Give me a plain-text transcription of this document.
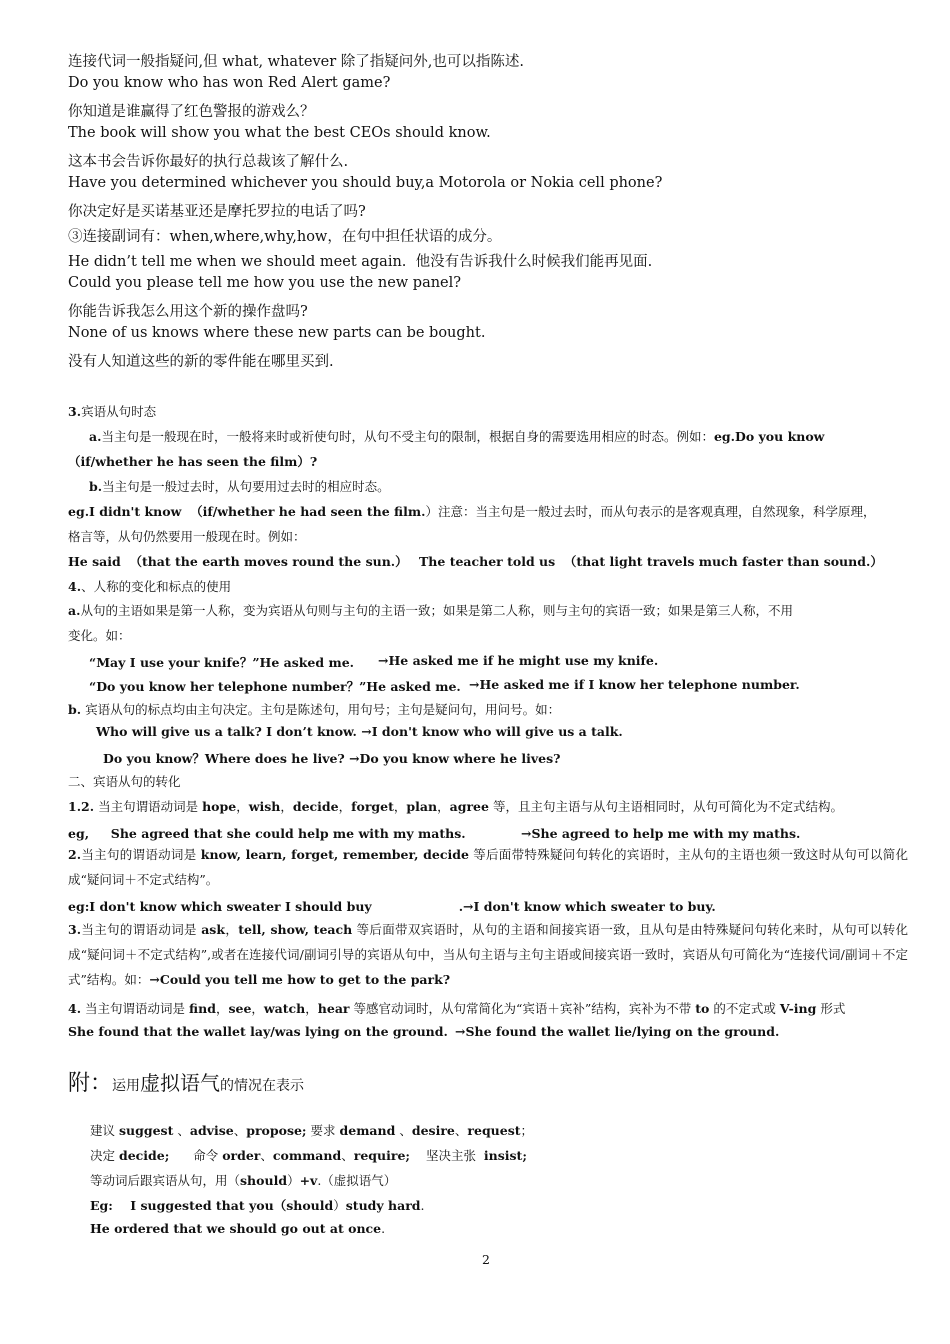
连接代词一般指疑问,但 what, whatever 除了指疑问外,也可以指陈述.
Do you know who has won Red Alert game?
你知道是谁赢得了红色警报的游戏么？
The book will show you what the best CEOs should know.
这本书会告诉你最好的执行总裁该了解什么.
Have you determined whichever you should buy,a Motorola or Nokia cell phone?
你决定好是买诺基亚还是摩托罗拉的电话了吗?
③连接副词有：when,where,why,how，在句中担任状语的成分。
He didn’t tell me when we should meet again.  他没有告诉我什么时候我们能再见面.
Could you please tell me how you use the new panel?
你能告诉我怎么用这个新的操作盘吗?
None of us knows where these new parts can be bought.
没有人知道这些的新的零件能在哪里买到.
3.宾语从句时态
a.当主句是一般现在时，一般将来时或祈使句时，从句不受主句的限制，根据自身的需要选用相应的时态。例如：eg.Do you know
（if/whether he has seen the film）?
b.当主句是一般过去时，从句要用过去时的相应时态。
eg.I didn't know  （if/whether he had seen the film.）注意：当主句是一般过去时，而从句表示的是客观真理，自然现象，科学原理，
格言等，从句仍然要用一般现在时。例如：
He said  （that the earth moves round the sun.） The teacher told us  （that light travels much faster than sound.）
4.、人称的变化和标点的使用
a.从句的主语如果是第一人称，变为宾语从句则与主句的主语一致；如果是第二人称，则与主句的宾语一致；如果是第三人称，不用
变化。如：
“May I use your knife？”He asked me. →He asked me if he might use my knife.
“Do you know her telephone number？”He asked me. →He asked me if I know her telephone number.
b. 宾语从句的标点均由主句决定。主句是陈述句，用句号；主句是疑问句，用问号。如：
Who will give us a talk? I don’t know. →I don't know who will give us a talk.
Do you know？Where does he live? →Do you know where he lives?
二、宾语从句的转化
1.2. 当主句谓语动词是 hope，wish，decide，forget，plan，agree 等，且主句主语与从句主语相同时，从句可简化为不定式结构。
eg,     She agreed that she could help me with my maths.	→She agreed to help me with my maths.
2.当主句的谓语动词是 know, learn, forget, remember, decide 等后面带特殊疑问句转化的宾语时，主从句的主语也须一致这时从句可以简化成“疑问词＋不定式结构”。
eg:I don't know which sweater I should buy                    .→I don't know which sweater to buy.
3.当主句的谓语动词是 ask，tell, show, teach 等后面带双宾语时，从句的主语和间接宾语一致，且从句是由特殊疑问句转化来时，从句可以转化成“疑问词＋不定式结构”,或者在连接代词/副词引导的宾语从句中，当从句主语与主句主语或间接宾语一致时，宾语从句可简化为“连接代词/副词＋不定式”结构。如：→Could you tell me how to get to the park?
4. 当主句谓语动词是 find，see，watch，hear 等感官动词时，从句常简化为“宾语＋宾补”结构，宾补为不带 to 的不定式或 V-ing 形式
She found that the wallet lay/was lying on the ground. →She found the wallet lie/lying on the ground.
附：运用虚拟语气的情况在表示
建议 suggest 、advise、propose; 要求 demand 、desire、request；
决定 decide;      命令 order、command、require;    坚决主张  insist;
等动词后跟宾语从句，用（should）+v.（虚拟语气）
Eg:    I suggested that you（should）study hard.
He ordered that we should go out at once.
2
